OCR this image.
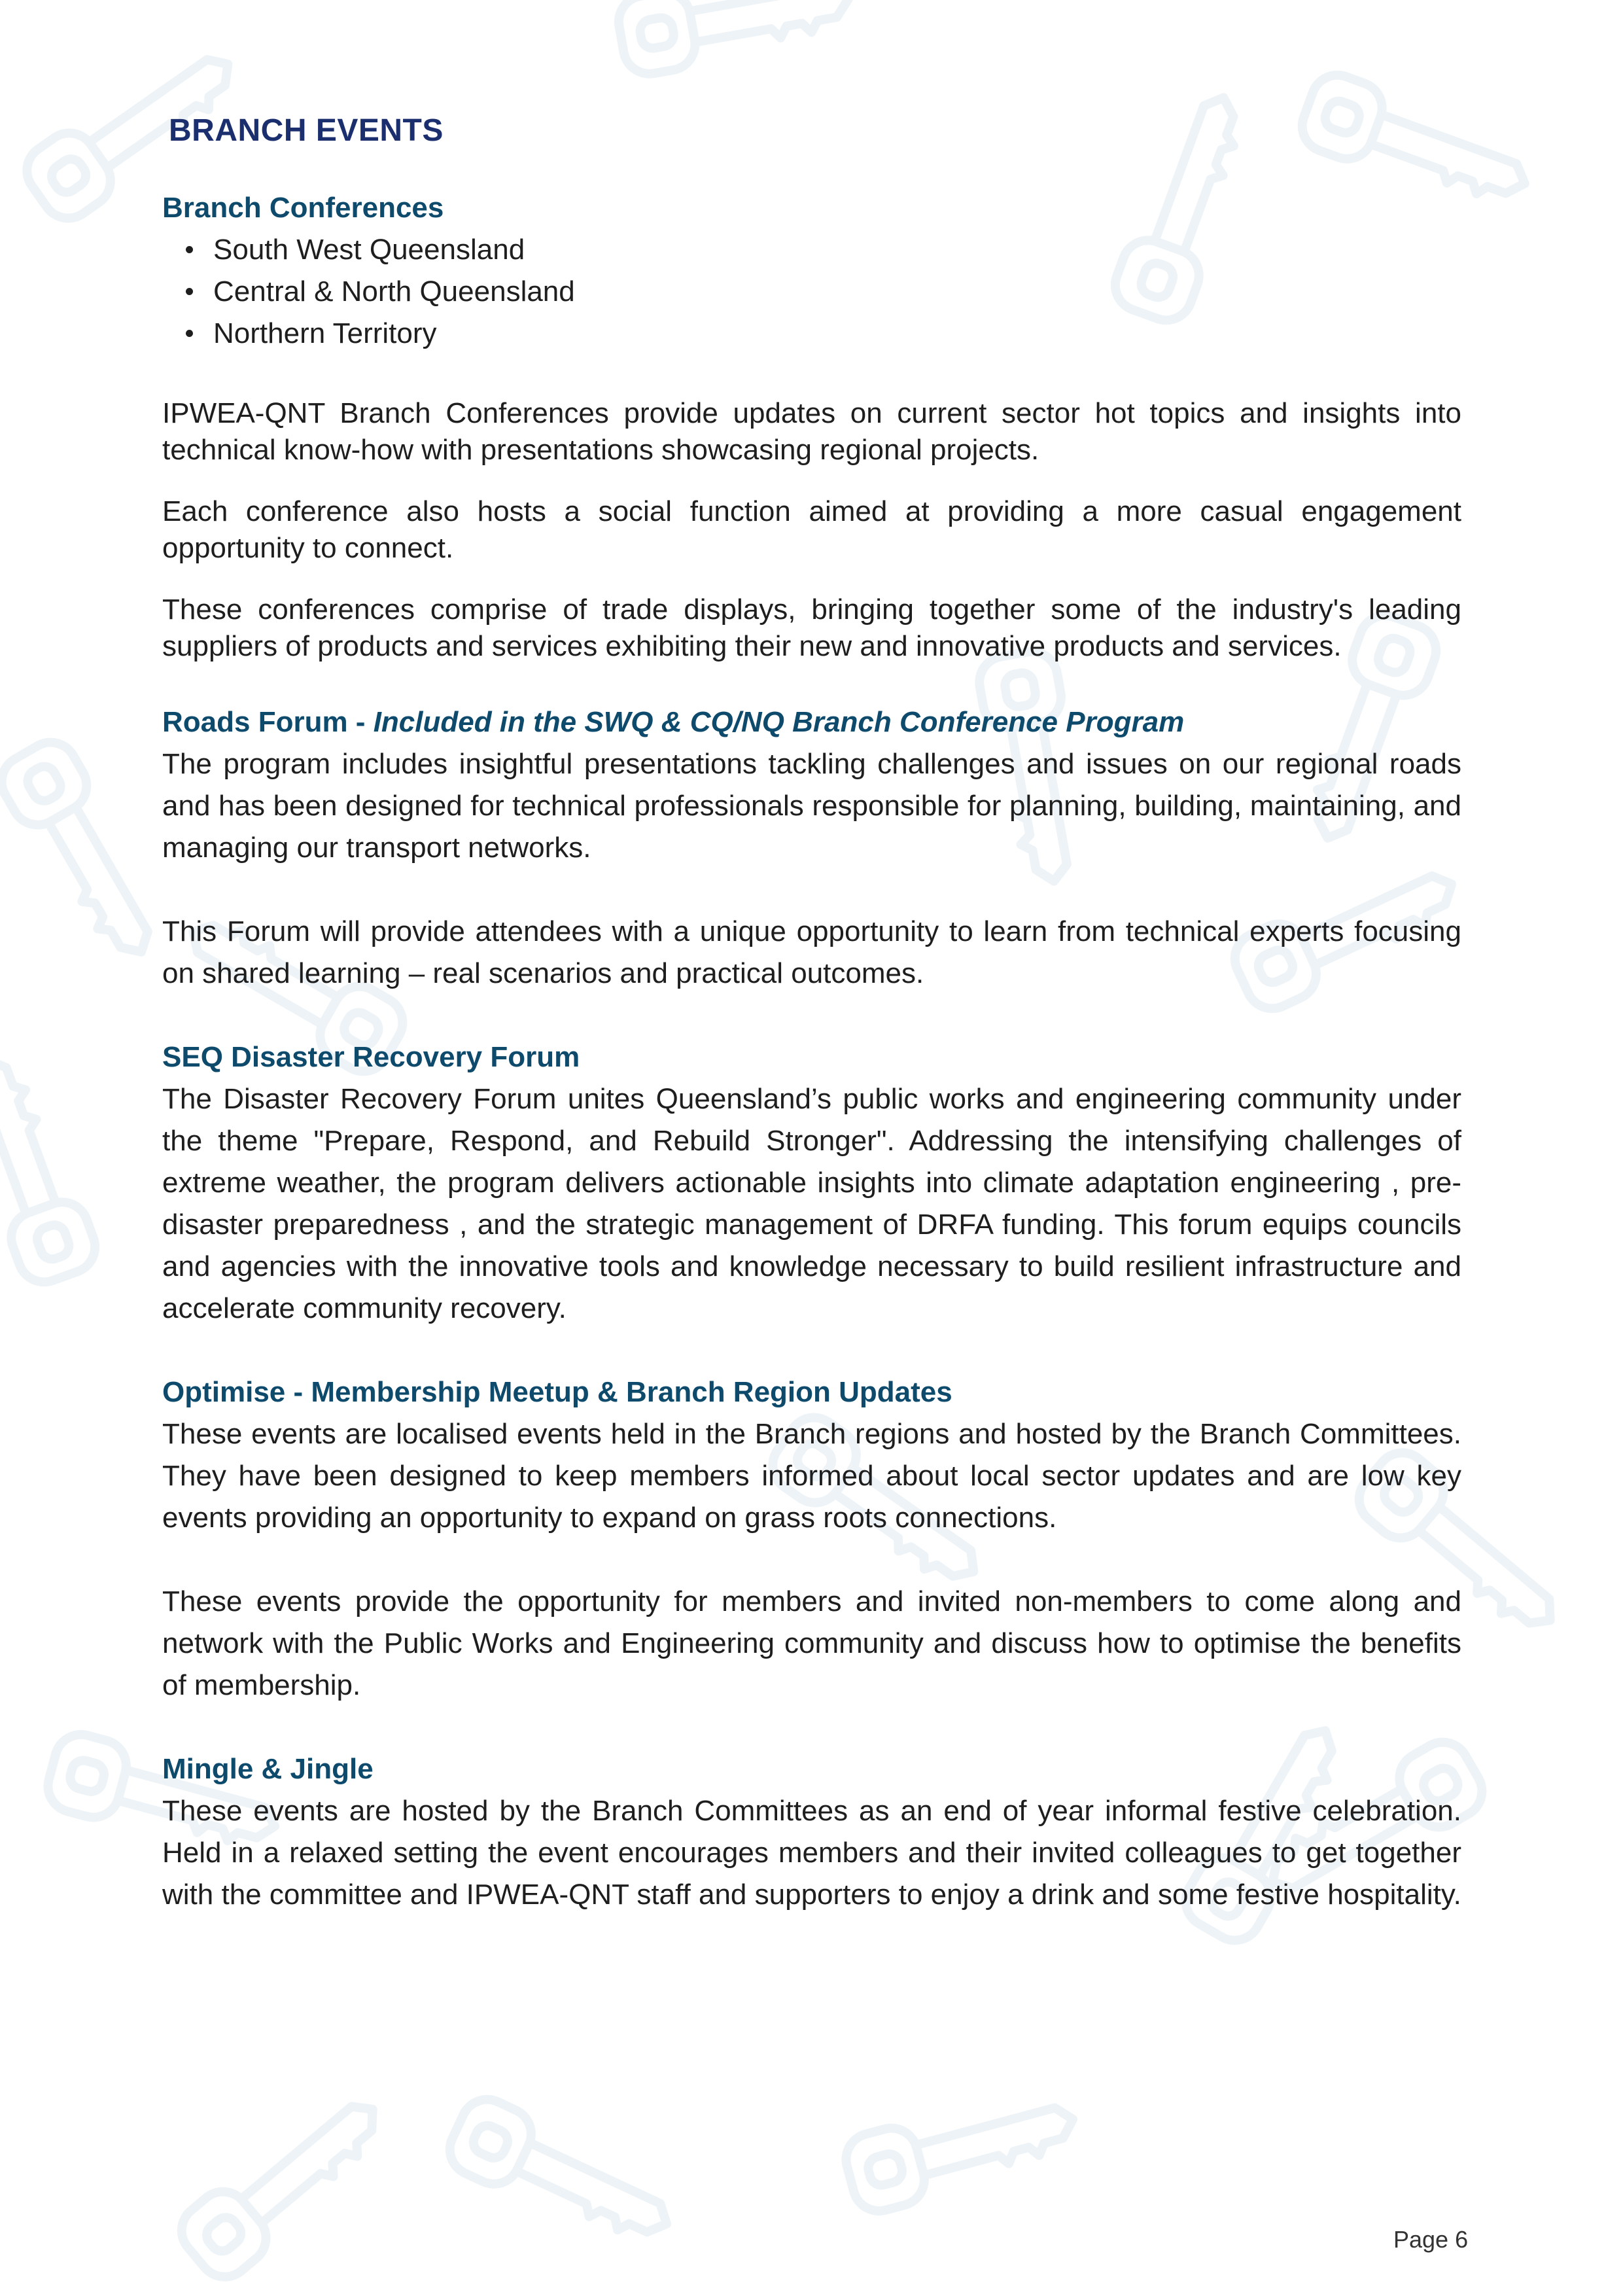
BRANCH EVENTS
Branch Conferences
South West Queensland
Central & North Queensland
Northern Territory

IPWEA-QNT Branch Conferences provide updates on current sector hot topics and insights into technical know-how with presentations showcasing regional projects.

Each conference also hosts a social function aimed at providing a more casual engagement opportunity to connect.

These conferences comprise of trade displays, bringing together some of the industry's leading suppliers of products and services exhibiting their new and innovative products and services.

Roads Forum - Included in the SWQ & CQ/NQ Branch Conference Program

The program includes insightful presentations tackling challenges and issues on our regional roads and has been designed for technical professionals responsible for planning, building, maintaining, and managing our transport networks.

This Forum will provide attendees with a unique opportunity to learn from technical experts focusing on shared learning – real scenarios and practical outcomes.

SEQ Disaster Recovery Forum

The Disaster Recovery Forum unites Queensland’s public works and engineering community under the theme "Prepare, Respond, and Rebuild Stronger". Addressing the intensifying challenges of extreme weather, the program delivers actionable insights into climate adaptation engineering , pre-disaster preparedness , and the strategic management of DRFA funding. This forum equips councils and agencies with the innovative tools and knowledge necessary to build resilient infrastructure and accelerate community recovery.

Optimise - Membership Meetup & Branch Region Updates

These events are localised events held in the Branch regions and hosted by the Branch Committees. They have been designed to keep members informed about local sector updates and are low key events providing an opportunity to expand on grass roots connections.

These events provide the opportunity for members and invited non-members to come along and network with the Public Works and Engineering community and discuss how to optimise the benefits of membership.

Mingle & Jingle

These events are hosted by the Branch Committees as an end of year informal festive celebration. Held in a relaxed setting the event encourages members and their invited colleagues to get together with the committee and IPWEA-QNT staff and supporters to enjoy a drink and some festive hospitality.

Page 6
